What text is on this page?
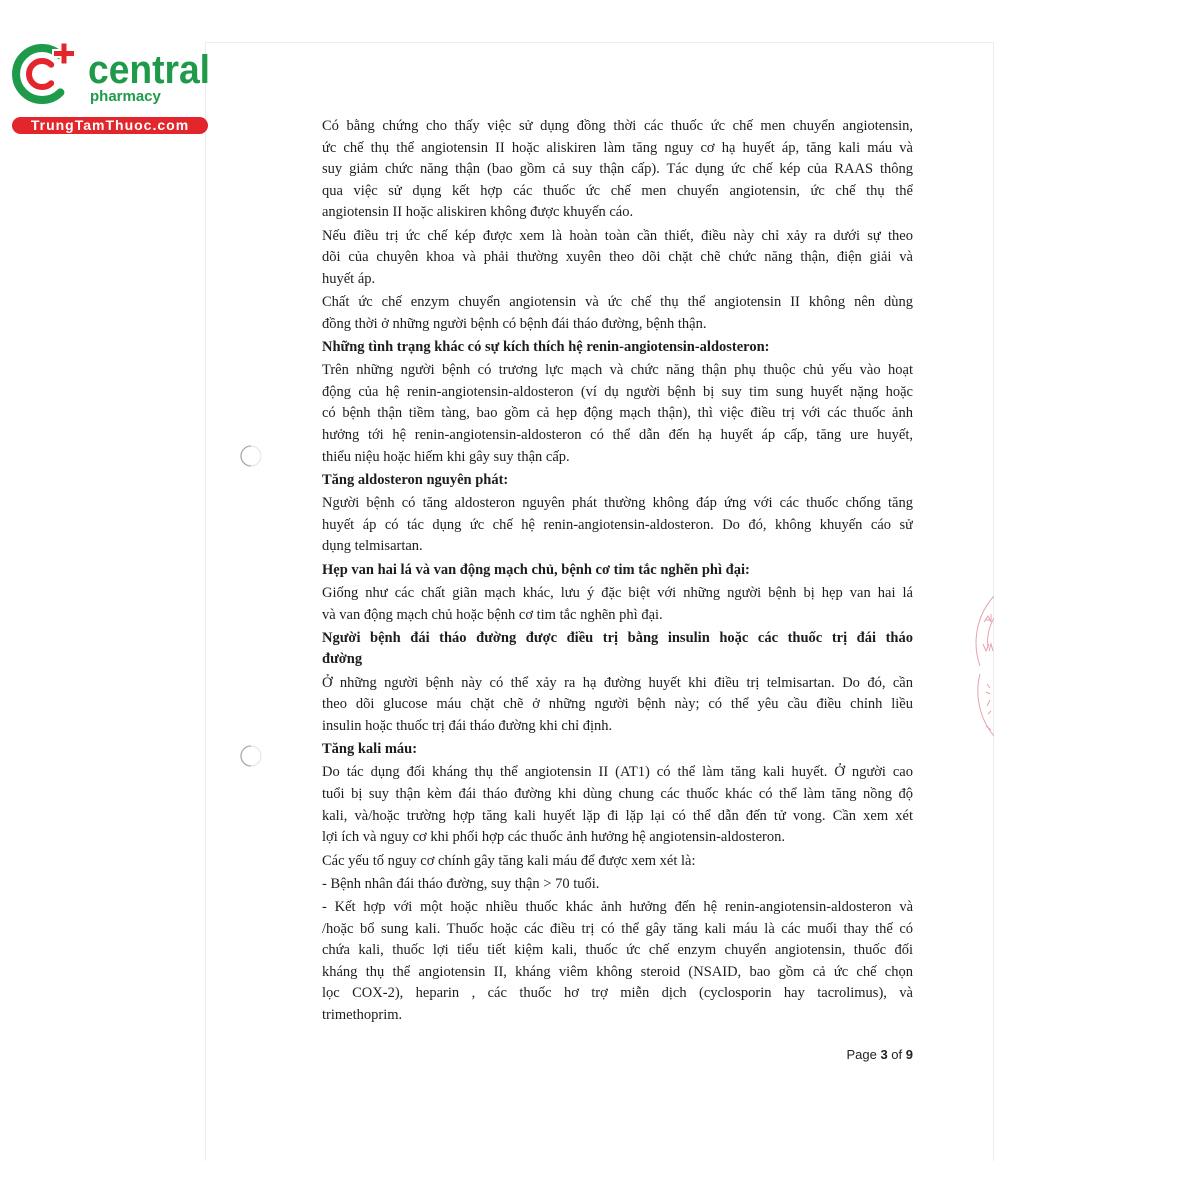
central
pharmacy
TrungTamThuoc.com	Có bằng chứng cho thấy việc sử dụng đồng thời các thuốc ức chế men chuyển angiotensin,
ức chế thụ thể angiotensin II hoặc aliskiren làm tăng nguy cơ hạ huyết áp, tăng kali máu và
suy giảm chức năng thận (bao gồm cả suy thận cấp). Tác dụng ức chế kép của RAAS thông
qua việc sử dụng kết hợp các thuốc ức chế men chuyển angiotensin, ức chế thụ thể
angiotensin II hoặc aliskiren không được khuyến cáo.
Nếu điều trị ức chế kép được xem là hoàn toàn cần thiết, điều này chỉ xảy ra dưới sự theo
dõi của chuyên khoa và phải thường xuyên theo dõi chặt chẽ chức năng thận, điện giải và
huyết áp.
Chất ức chế enzym chuyển angiotensin và ức chế thụ thể angiotensin II không nên dùng
đồng thời ở những người bệnh có bệnh đái tháo đường, bệnh thận.
Những tình trạng khác có sự kích thích hệ renin-angiotensin-aldosteron:
Trên những người bệnh có trương lực mạch và chức năng thận phụ thuộc chủ yếu vào hoạt
động của hệ renin-angiotensin-aldosteron (ví dụ người bệnh bị suy tim sung huyết nặng hoặc
có bệnh thận tiềm tàng, bao gồm cả hẹp động mạch thận), thì việc điều trị với các thuốc ảnh
hưởng tới hệ renin-angiotensin-aldosteron có thể dẫn đến hạ huyết áp cấp, tăng ure huyết,
thiểu niệu hoặc hiếm khi gây suy thận cấp.
Tăng aldosteron nguyên phát:
Người bệnh có tăng aldosteron nguyên phát thường không đáp ứng với các thuốc chống tăng
huyết áp có tác dụng ức chế hệ renin-angiotensin-aldosteron. Do đó, không khuyến cáo sử
dụng telmisartan.
Hẹp van hai lá và van động mạch chủ, bệnh cơ tim tắc nghẽn phì đại:
Giống như các chất giãn mạch khác, lưu ý đặc biệt với những người bệnh bị hẹp van hai lá
và van động mạch chủ hoặc bệnh cơ tim tắc nghẽn phì đại.
Người bệnh đái tháo đường được điều trị bằng insulin hoặc các thuốc trị đái tháo
đường
Ở những người bệnh này có thể xảy ra hạ đường huyết khi điều trị telmisartan. Do đó, cần
theo dõi glucose máu chặt chẽ ở những người bệnh này; có thể yêu cầu điều chỉnh liều
insulin hoặc thuốc trị đái tháo đường khi chỉ định.
Tăng kali máu:
Do tác dụng đối kháng thụ thể angiotensin II (AT1) có thể làm tăng kali huyết. Ở người cao
tuổi bị suy thận kèm đái tháo đường khi dùng chung các thuốc khác có thể làm tăng nồng độ
kali, và/hoặc trường hợp tăng kali huyết lặp đi lặp lại có thể dẫn đến tử vong. Cần xem xét
lợi ích và nguy cơ khi phối hợp các thuốc ảnh hưởng hệ angiotensin-aldosteron.
Các yếu tố nguy cơ chính gây tăng kali máu để được xem xét là:
- Bệnh nhân đái tháo đường, suy thận > 70 tuổi.
- Kết hợp với một hoặc nhiều thuốc khác ảnh hưởng đến hệ renin-angiotensin-aldosteron và
/hoặc bổ sung kali. Thuốc hoặc các điều trị có thể gây tăng kali máu là các muối thay thế có
chứa kali, thuốc lợi tiểu tiết kiệm kali, thuốc ức chế enzym chuyển angiotensin, thuốc đối
kháng thụ thể angiotensin II, kháng viêm không steroid (NSAID, bao gồm cả ức chế chọn
lọc COX-2), heparin , các thuốc hơ trợ miễn dịch (cyclosporin hay tacrolimus), và
trimethoprim.
Page 3 of 9
